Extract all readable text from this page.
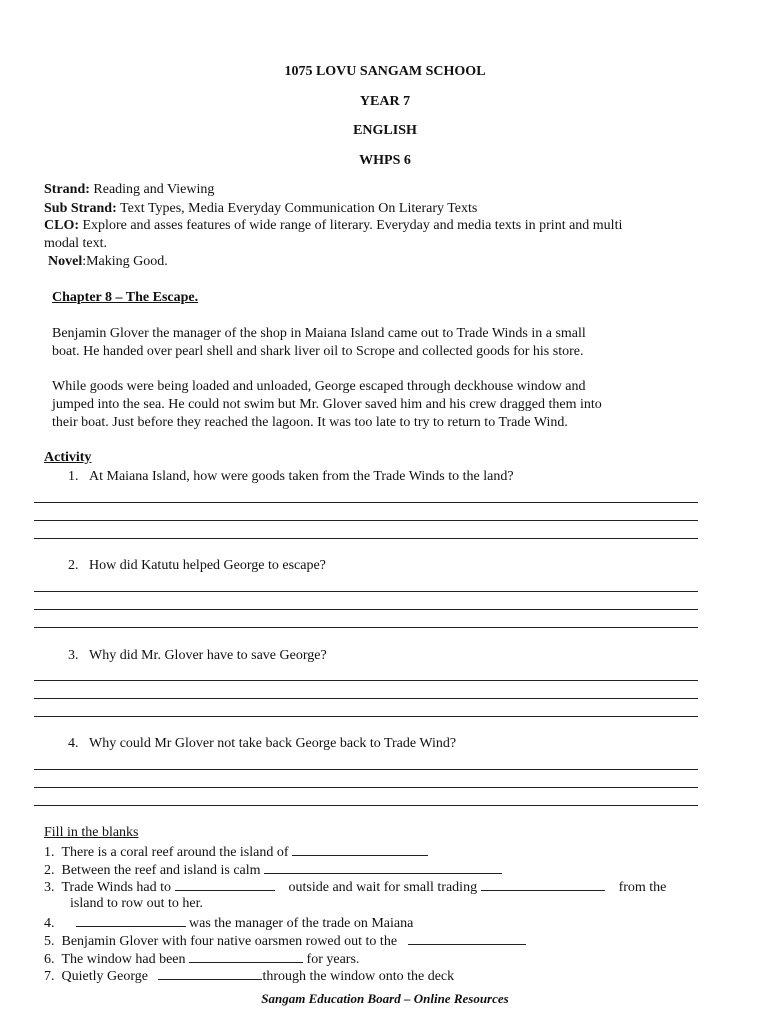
1075 LOVU SANGAM SCHOOL
YEAR 7
ENGLISH
WHPS 6
Strand: Reading and Viewing
Sub Strand: Text Types, Media Everyday Communication On Literary Texts
CLO: Explore and asses features of wide range of literary. Everyday and media texts in print and multi
modal text.
Novel:Making Good.
Chapter 8 – The Escape.
Benjamin Glover the manager of the shop in Maiana Island came out to Trade Winds in a small
boat. He handed over pearl shell and shark liver oil to Scrope and collected goods for his store.
While goods were being loaded and unloaded, George escaped through deckhouse window and
jumped into the sea. He could not swim but Mr. Glover saved him and his crew dragged them into
their boat. Just before they reached the lagoon. It was too late to try to return to Trade Wind.
Activity
1. At Maiana Island, how were goods taken from the Trade Winds to the land?
2. How did Katutu helped George to escape?
3. Why did Mr. Glover have to save George?
4. Why could Mr Glover not take back George back to Trade Wind?
Fill in the blanks
1. There is a coral reef around the island of
2. Between the reef and island is calm
3. Trade Winds had to	outside and wait for small trading	from the
island to row out to her.
4.	was the manager of the trade on Maiana
5. Benjamin Glover with four native oarsmen rowed out to the
6. The window had been	for years.
7. Quietly George	through the window onto the deck
Sangam Education Board – Online Resources
